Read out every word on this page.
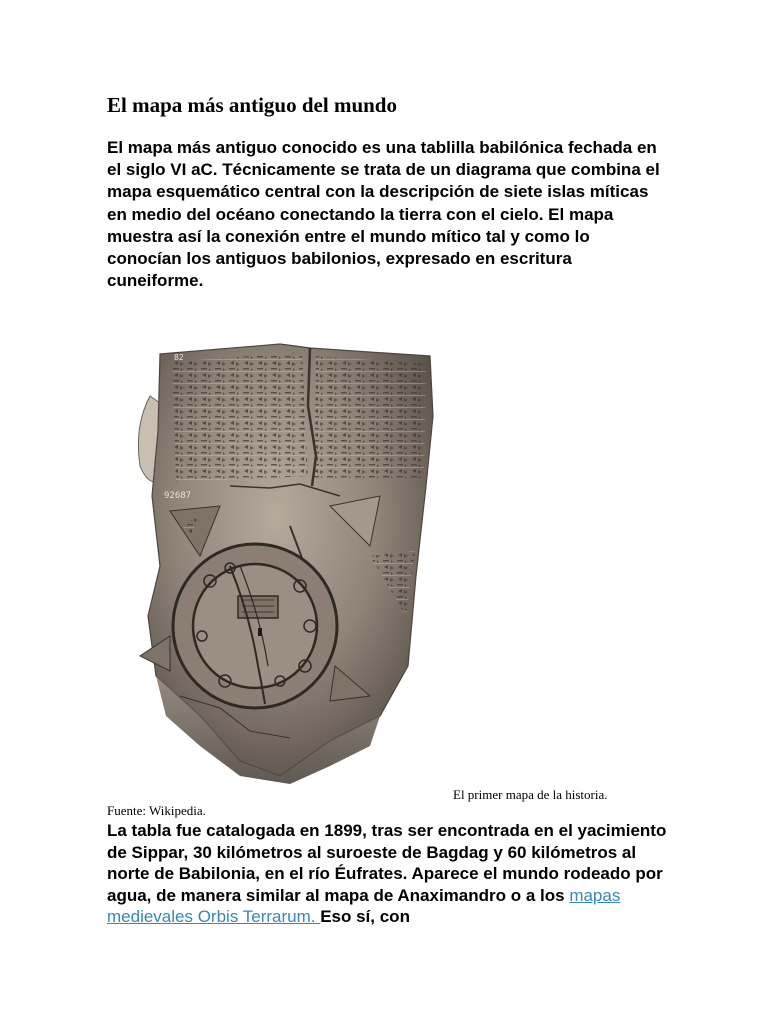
El mapa más antiguo del mundo

El mapa más antiguo conocido es una tablilla babilónica fechada en el siglo VI aC. Técnicamente se trata de un diagrama que combina el mapa esquemático central con la descripción de siete islas míticas en medio del océano conectando la tierra con el cielo. El mapa muestra así la conexión entre el mundo mítico tal y como lo conocían los antiguos babilonios, expresado en escritura cuneiforme.

82
92687

El primer mapa de la historia.

Fuente: Wikipedia.

La tabla fue catalogada en 1899, tras ser encontrada en el yacimiento de Sippar, 30 kilómetros al suroeste de Bagdag y 60 kilómetros al norte de Babilonia, en el río Éufrates. Aparece el mundo rodeado por agua, de manera similar al mapa de Anaximandro o a los mapas medievales Orbis Terrarum. Eso sí, con
